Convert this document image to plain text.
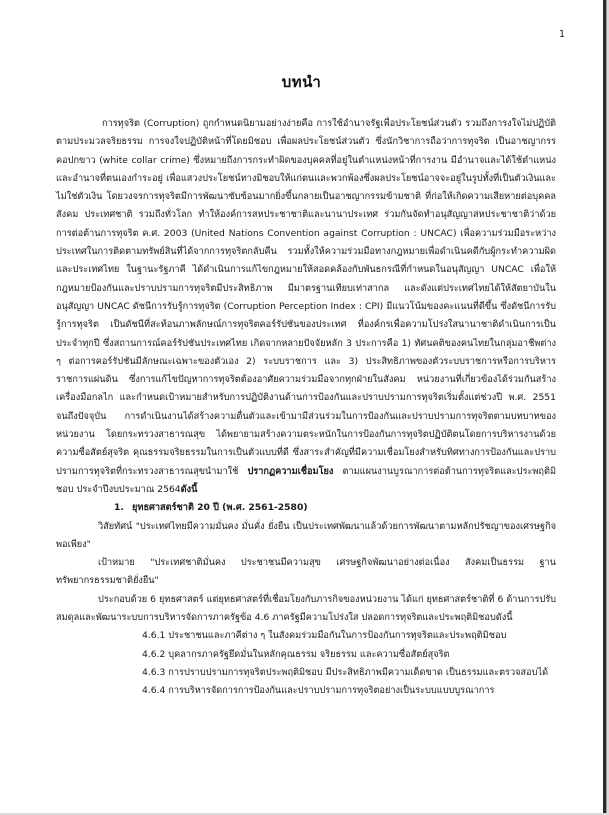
1
บทนำ

การทุจริต (Corruption) ถูกกำหนดนิยามอย่างง่ายคือ การใช้อำนาจรัฐเพื่อประโยชน์ส่วนตัว รวมถึงการงใจไม่ปฏิบัติตามประมวลจริยธรรม การจงใจปฏิบัติหน้าที่โดยมิชอบ เพื่อผลประโยชน์ส่วนตัว ซึ่งนักวิชาการถือว่าการทุจริต เป็นอาชญากรรคอปกขาว (white collar crime) ซึ่งหมายถึงการกระทำผิดของบุคคลที่อยู่ในตำแหน่งหน้าที่การงาน มีอำนาจและได้ใช้ตำแหน่งและอำนาจที่ตนเองกำระอยู่ เพื่อแสวงประโยชน์ทางมิชอบให้แก่ตนและพวกพ้องซึ่งผลประโยชน์อาจจะอยู่ในรูปทั้งที่เป็นตัวเงินและไม่ใช่ตัวเงิน โดยวงจรการทุจริตมีการพัฒนาซับซ้อนมากยิ่งขึ้นกลายเป็นอาชญากรรมข้ามชาติ ที่ก่อให้เกิดความเสียหายต่อบุคคล สังคม ประเทศชาติ รวมถึงทั่วโลก ทำให้องค์การสหประชาชาติและนานาประเทศ ร่วมกันจัดทำอนุสัญญาสหประชาชาติว่าด้วยการต่อต้านการทุจริต ค.ศ. 2003 (United Nations Convention against Corruption : UNCAC) เพื่อความร่วมมือระหว่างประเทศในการติดตามทรัพย์สินที่ได้จากการทุจริตกลับคืน รวมทั้งให้ความร่วมมือทางกฎหมายเพื่อดำเนินคดีกับผู้กระทำความผิด และประเทศไทย ในฐานะรัฐภาคี ได้ดำเนินการแก้ไขกฎหมายให้สอดคล้องกับพันธกรณีที่กำหนดในอนุสัญญา UNCAC เพื่อให้กฎหมายป้องกันและปราบปรามการทุจริตมีประสิทธิภาพ มีมาตรฐานเทียบเท่าสากล และดังแต่ประเทศไทยได้ให้สัตยาบันในอนุสัญญา UNCAC ดัชนีการรับรู้การทุจริต (Corruption Perception Index : CPI) มีแนวโน้มของคะแนนที่ดีขึ้น ซึ่งดัชนีการรับรู้การทุจริต เป็นดัชนีที่สะท้อนภาพลักษณ์การทุจริตคอร์รัปชันของประเทศ ที่องค์กรเพื่อความโปร่งใสนานาชาติดำเนินการเป็นประจำทุกปี ซึ่งสถานการณ์คอร์รัปชันประเทศไทย เกิดจากหลายปัจจัยหลัก 3 ประการคือ 1) ทัศนคติของคนไทยในกลุ่มอาชีพต่าง ๆ ต่อการคอร์รัปชันมีลักษณะเฉพาะของตัวเอง 2) ระบบราชการ และ 3) ประสิทธิภาพของตัวระบบราชการหรือการบริหารราชการแผ่นดิน ซึ่งการแก้ไขปัญหาการทุจริตต้องอาศัยความร่วมมือจากทุกฝ่ายในสังคม หน่วยงานที่เกี่ยวข้องได้ร่วมกันสร้างเครื่องมือกลไก และกำหนดเป้าหมายสำหรับการปฏิบัติงานด้านการป้องกันและปราบปรามการทุจริตเริ่มตั้งแต่ช่วงปี พ.ศ. 2551 จนถึงปัจจุบัน การดำเนินงานได้สร้างความตื่นตัวและเข้ามามีส่วนร่วมในการป้องกันและปราบปรามการทุจริตตามบทบาทของหน่วยงาน โดยกระทรวงสาธารณสุข ได้พยายามสร้างความตระหนักในการป้องกันการทุจริตปฏิบัติตนโดยการบริหารงานด้วยความซื่อสัตย์สุจริต คุณธรรมจริยธรรมในการเป็นตัวแบบที่ดี ซึ่งสาระสำคัญที่มีความเชื่อมโยงสำหรับทิศทางการป้องกันและปราบปรามการทุจริตที่กระทรวงสาธารณสุขนำมาใช้ ปรากฏความเชื่อมโยง ตามแผนงานบูรณาการต่อต้านการทุจริตและประพฤติมิชอบ ประจำปีงบประมาณ 2564ดังนี้

1. ยุทธศาสตร์ชาติ 20 ปี (พ.ศ. 2561-2580)

วิสัยทัศน์ "ประเทศไทยมีความมั่นคง มั่นคั่ง ยั่งยืน เป็นประเทศพัฒนาแล้วด้วยการพัฒนาตามหลักปรัชญาของเศรษฐกิจพอเพียง"

เป้าหมาย "ประเทศชาติมั่นคง ประชาชนมีความสุข เศรษฐกิจพัฒนาอย่างต่อเนื่อง สังคมเป็นธรรม ฐานทรัพยากรธรรมชาติยั่งยืน"

ประกอบด้วย 6 ยุทธศาสตร์ แต่ยุทธศาสตร์ที่เชื่อมโยงกับภารกิจของหน่วยงาน ได้แก่ ยุทธศาสตร์ชาติที่ 6 ด้านการปรับสมดุลและพัฒนาระบบการบริหารจัดการภาครัฐข้อ 4.6 ภาครัฐมีความโปร่งใส ปลอดการทุจริตและประพฤติมิชอบดังนี้

4.6.1 ประชาชนและภาคีต่าง ๆ ในสังคมร่วมมือกันในการป้องกันการทุจริตและประพฤติมิชอบ

4.6.2 บุคลากรภาครัฐยึดมั่นในหลักคุณธรรม จริยธรรม และความซื่อสัตย์สุจริต

4.6.3 การปราบปรามการทุจริตประพฤติมิชอบ มีประสิทธิภาพมีความเด็ดขาด เป็นธรรมและตรวจสอบได้

4.6.4 การบริหารจัดการการป้องกันและปราบปรามการทุจริตอย่างเป็นระบบแบบบูรณาการ
